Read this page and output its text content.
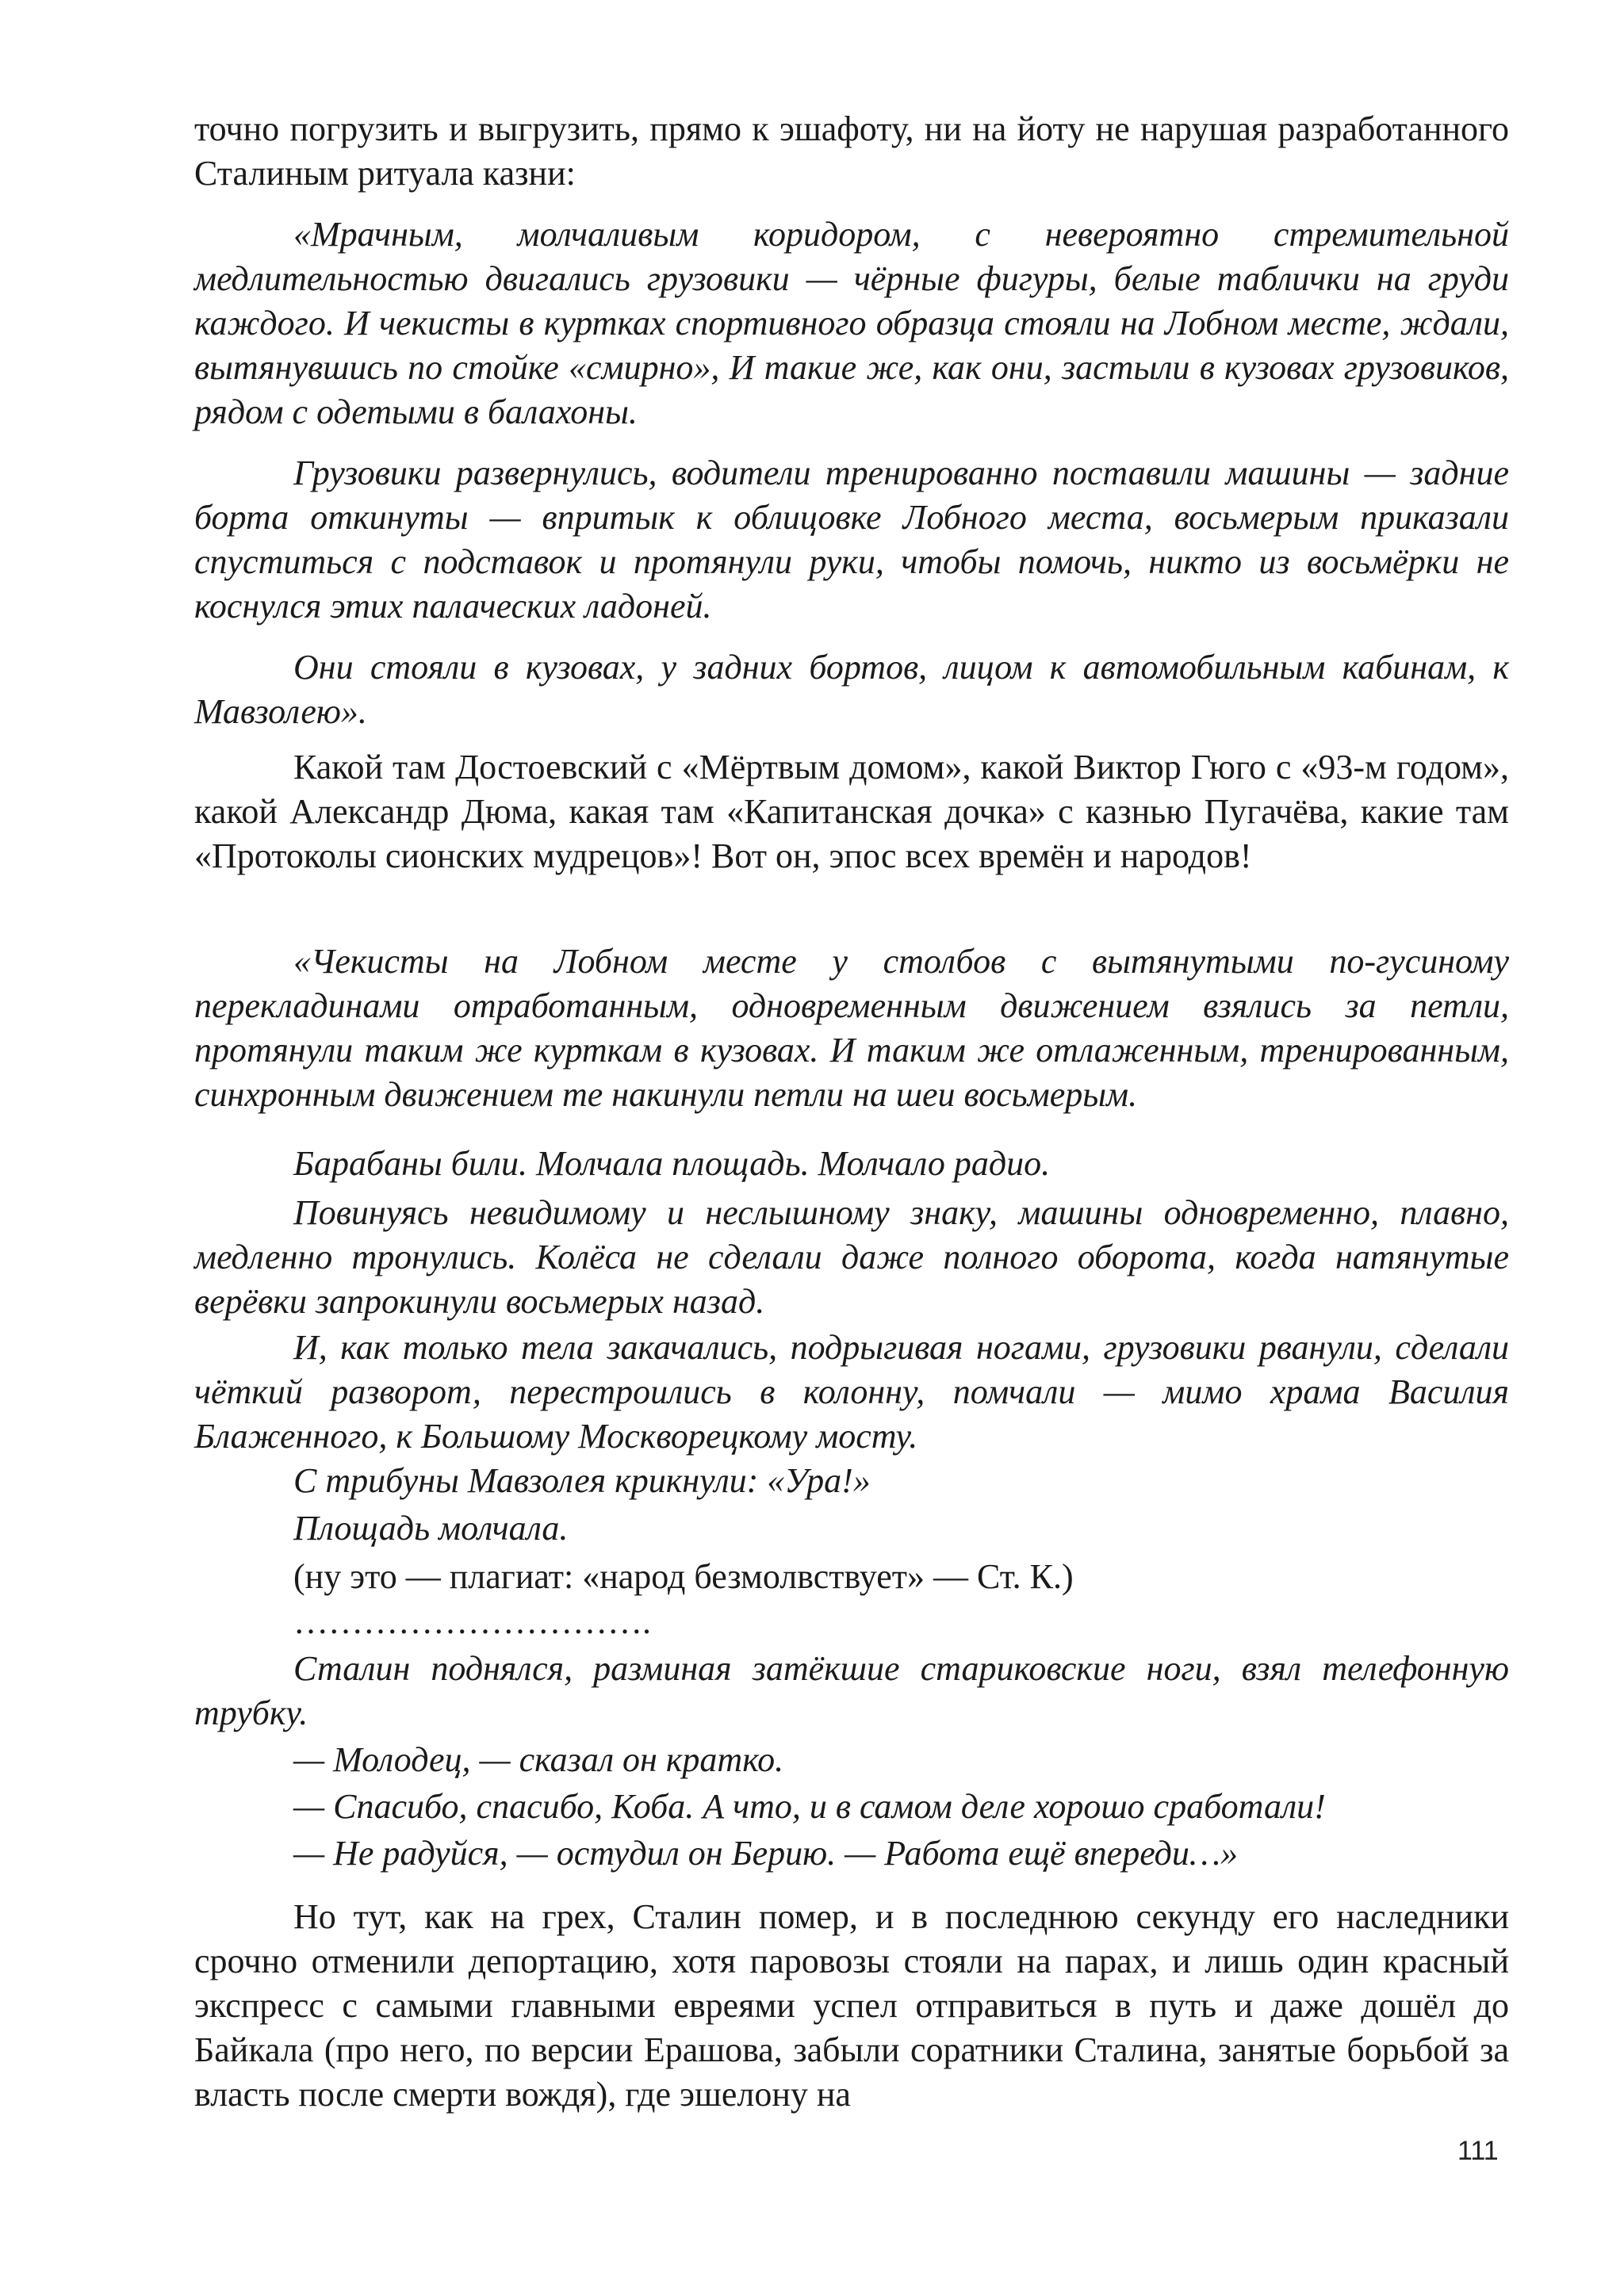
точно погрузить и выгрузить, прямо к эшафоту, ни на йоту не нарушая разработанного Сталиным ритуала казни:

«Мрачным, молчаливым коридором, с невероятно стремительной медлительностью двигались грузовики — чёрные фигуры, белые таблички на груди каждого. И чекисты в куртках спортивного образца стояли на Лобном месте, ждали, вытянувшись по стойке «смирно», И такие же, как они, застыли в кузовах грузовиков, рядом с одетыми в балахоны.

Грузовики развернулись, водители тренированно поставили машины — задние борта откинуты — впритык к облицовке Лобного места, восьмерым приказали спуститься с подставок и протянули руки, чтобы помочь, никто из восьмёрки не коснулся этих палаческих ладоней.

Они стояли в кузовах, у задних бортов, лицом к автомобильным кабинам, к Мавзолею».

Какой там Достоевский с «Мёртвым домом», какой Виктор Гюго с «93-м годом», какой Александр Дюма, какая там «Капитанская дочка» с казнью Пугачёва, какие там «Протоколы сионских мудрецов»! Вот он, эпос всех времён и народов!

«Чекисты на Лобном месте у столбов с вытянутыми по-гусиному перекладинами отработанным, одновременным движением взялись за петли, протянули таким же курткам в кузовах. И таким же отлаженным, тренированным, синхронным движением те накинули петли на шеи восьмерым.

Барабаны били. Молчала площадь. Молчало радио.

Повинуясь невидимому и неслышному знаку, машины одновременно, плавно, медленно тронулись. Колёса не сделали даже полного оборота, когда натянутые верёвки запрокинули восьмерых назад.

И, как только тела закачались, подрыгивая ногами, грузовики рванули, сделали чёткий разворот, перестроились в колонну, помчали — мимо храма Василия Блаженного, к Большому Москворецкому мосту.

С трибуны Мавзолея крикнули: «Ура!»

Площадь молчала.

(ну это — плагиат: «народ безмолвствует» — Ст. К.)

………………………….

Сталин поднялся, разминая затёкшие стариковские ноги, взял телефонную трубку.

— Молодец, — сказал он кратко.

— Спасибо, спасибо, Коба. А что, и в самом деле хорошо сработали!

— Не радуйся, — остудил он Берию. — Работа ещё впереди…»

Но тут, как на грех, Сталин помер, и в последнюю секунду его наследники срочно отменили депортацию, хотя паровозы стояли на парах, и лишь один красный экспресс с самыми главными евреями успел отправиться в путь и даже дошёл до Байкала (про него, по версии Ерашова, забыли соратники Сталина, занятые борьбой за власть после смерти вождя), где эшелону на

111
